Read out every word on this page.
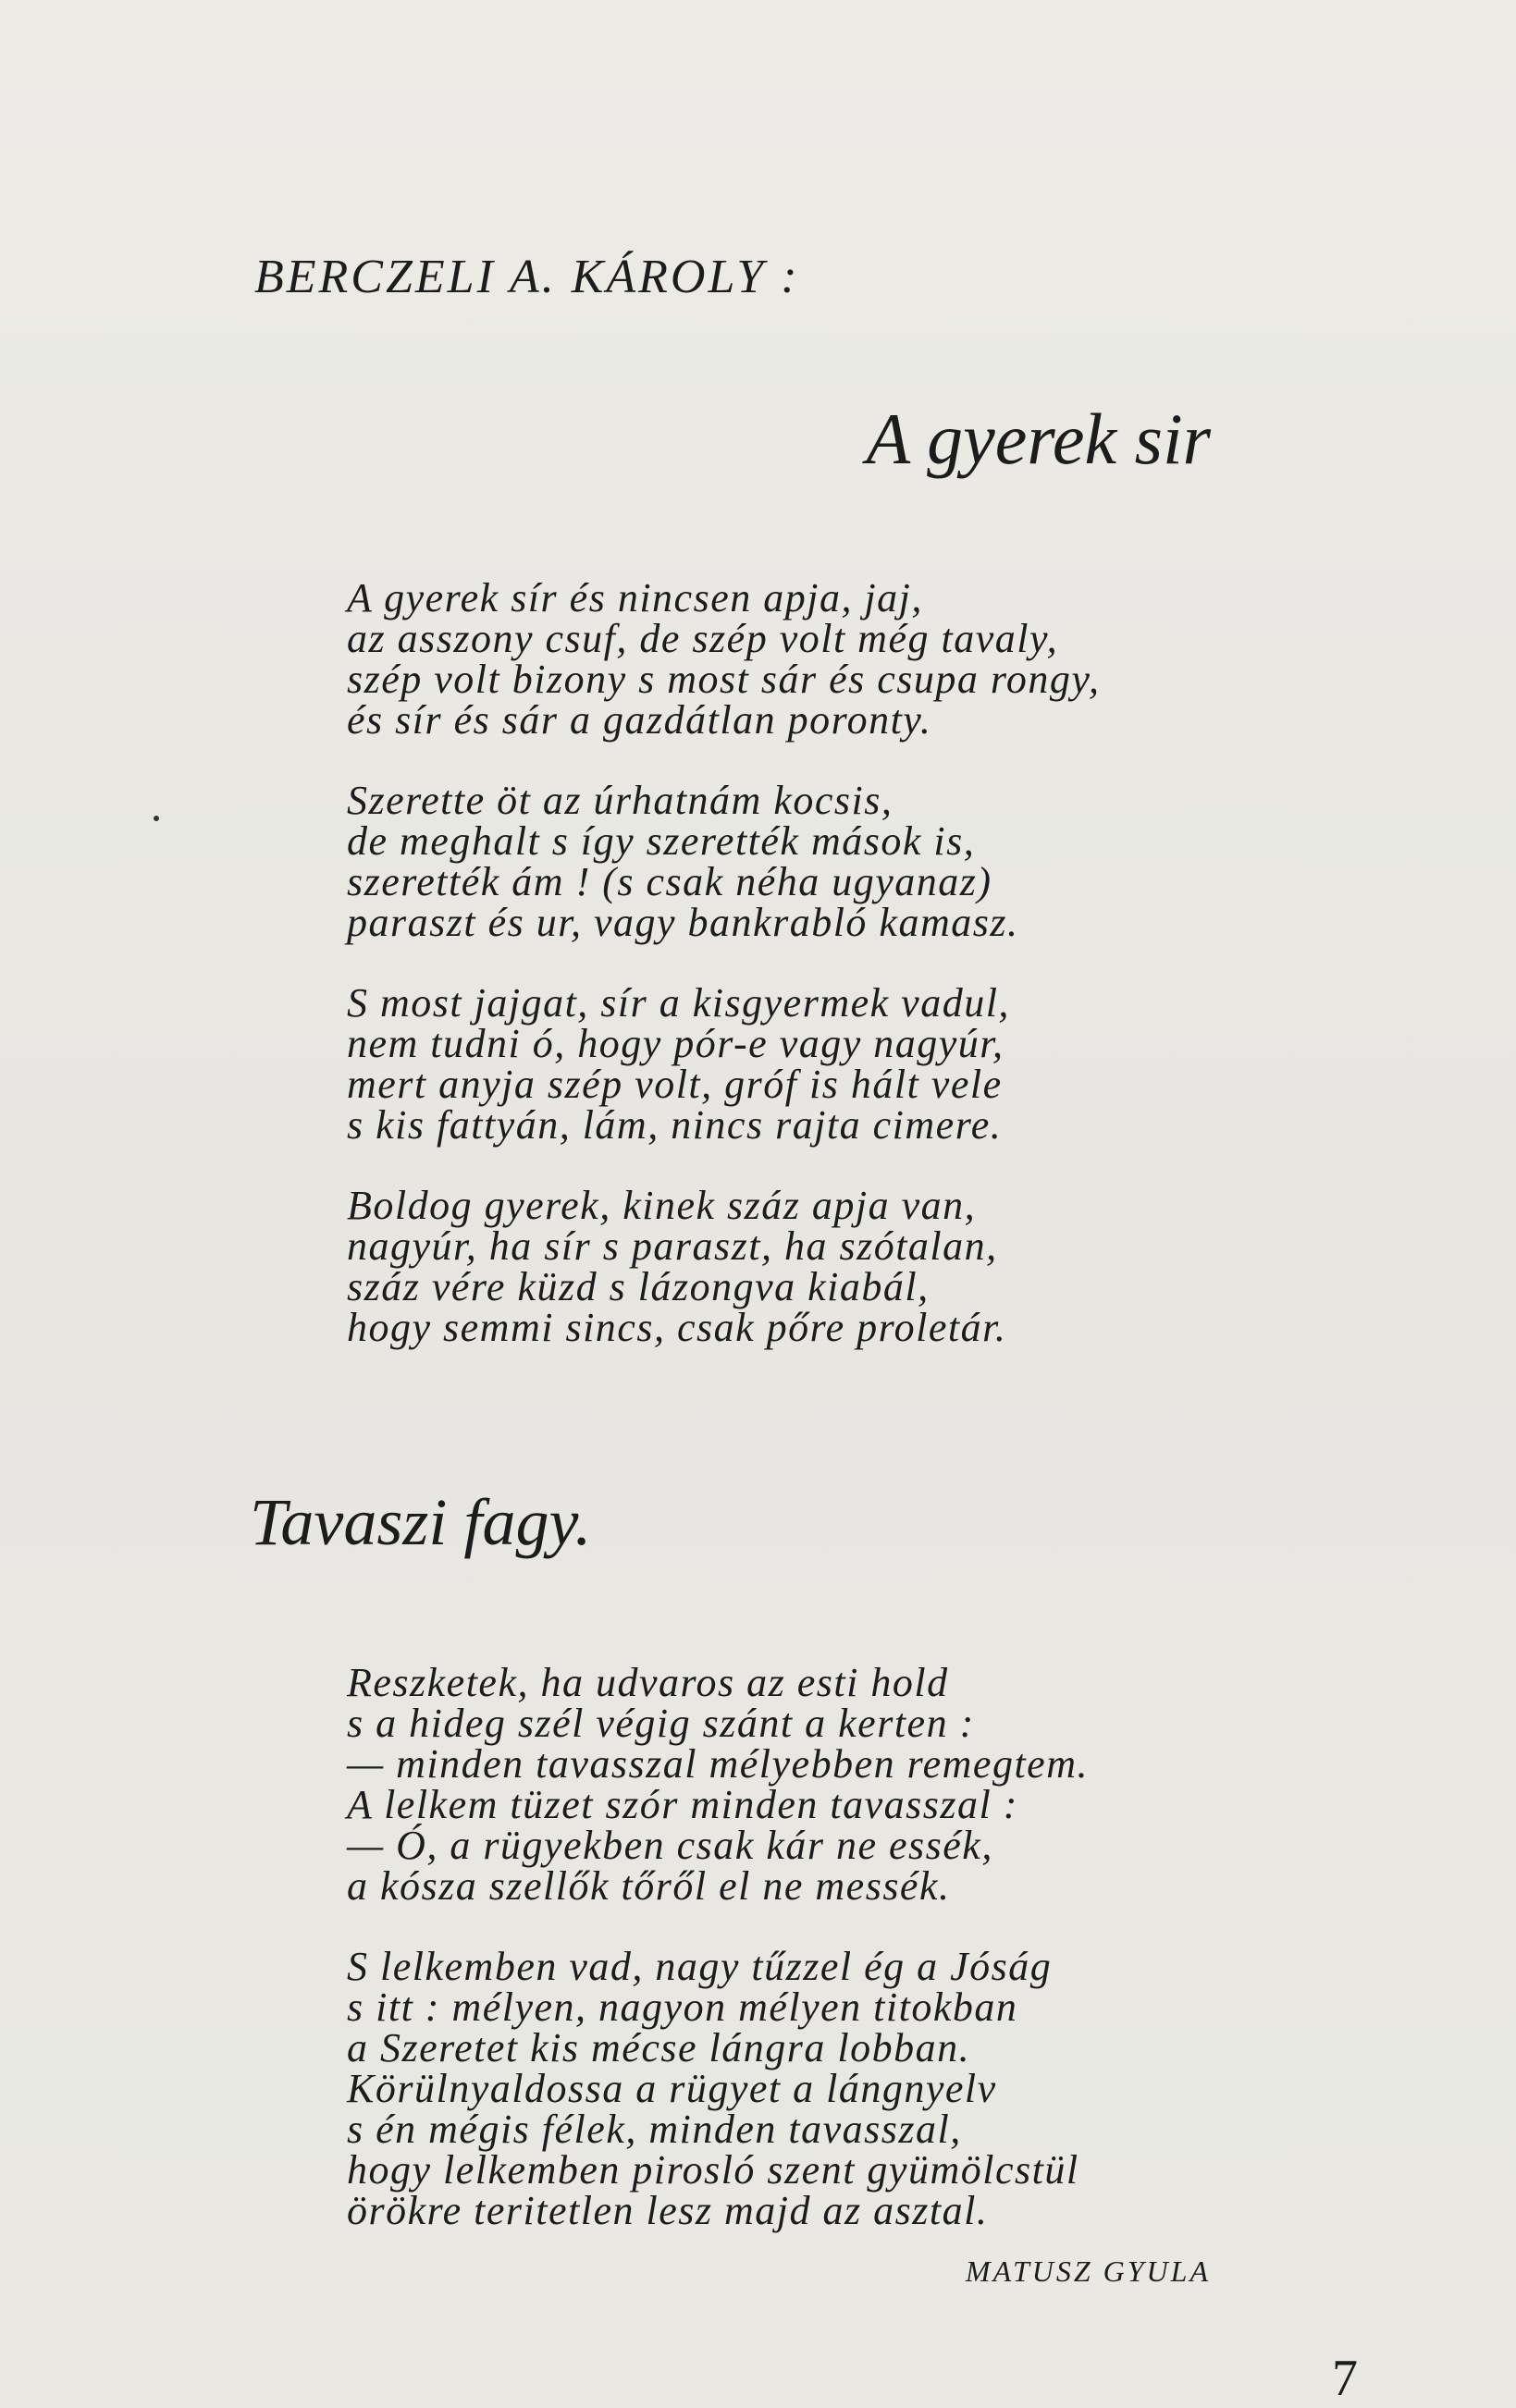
BERCZELI A. KÁROLY :
A gyerek sir
A gyerek sír és nincsen apja, jaj,
az asszony csuf, de szép volt még tavaly,
szép volt bizony s most sár és csupa rongy,
és sír és sár a gazdátlan poronty.
Szerette öt az úrhatnám kocsis,
de meghalt s így szerették mások is,
szerették ám ! (s csak néha ugyanaz)
paraszt és ur, vagy bankrabló kamasz.
S most jajgat, sír a kisgyermek vadul,
nem tudni ó, hogy pór-e vagy nagyúr,
mert anyja szép volt, gróf is hált vele
s kis fattyán, lám, nincs rajta cimere.
Boldog gyerek, kinek száz apja van,
nagyúr, ha sír s paraszt, ha szótalan,
száz vére küzd s lázongva kiabál,
hogy semmi sincs, csak pőre proletár.
Tavaszi fagy.
Reszketek, ha udvaros az esti hold
s a hideg szél végig szánt a kerten :
— minden tavasszal mélyebben remegtem.
A lelkem tüzet szór minden tavasszal :
— Ó, a rügyekben csak kár ne essék,
a kósza szellők tőről el ne messék.
S lelkemben vad, nagy tűzzel ég a Jóság
s itt : mélyen, nagyon mélyen titokban
a Szeretet kis mécse lángra lobban.
Körülnyaldossa a rügyet a lángnyelv
s én mégis félek, minden tavasszal,
hogy lelkemben pirosló szent gyümölcstül
örökre teritetlen lesz majd az asztal.
MATUSZ GYULA
7
